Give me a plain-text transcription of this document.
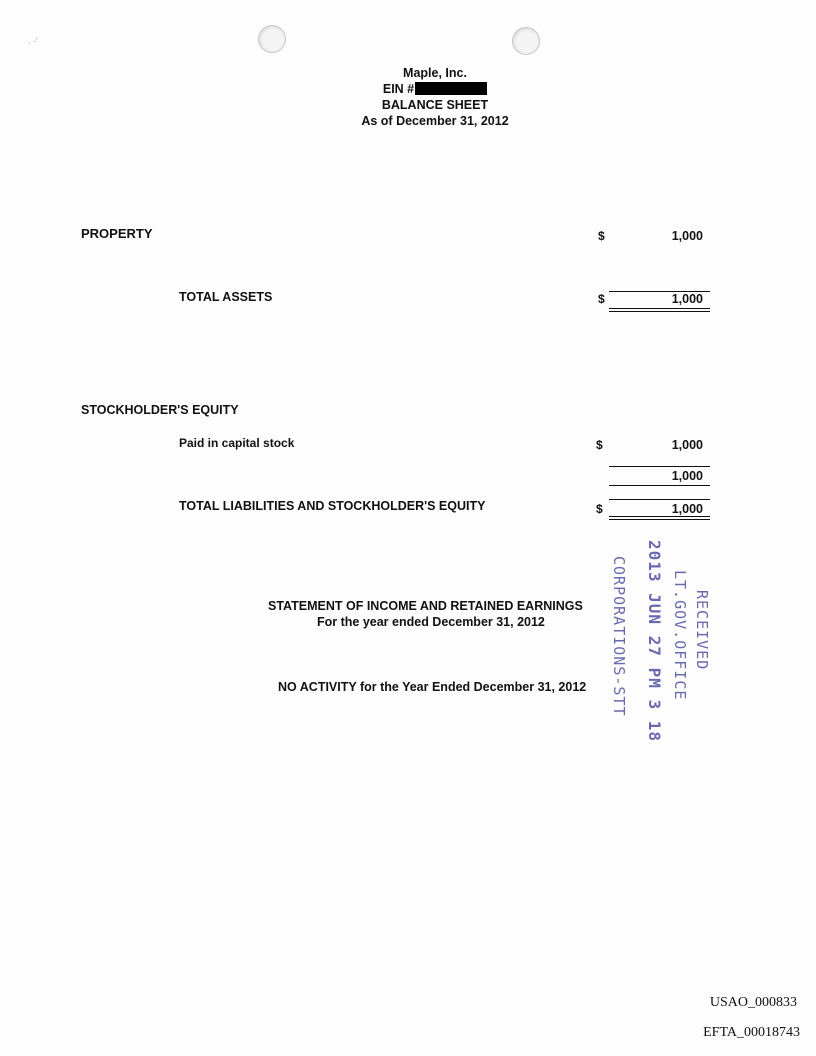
. ·'
Maple, Inc.
EIN #
BALANCE SHEET
As of December 31, 2012
PROPERTY	$	1,000
TOTAL ASSETS	$	1,000
STOCKHOLDER'S EQUITY
Paid in capital stock	$	1,000
1,000
TOTAL LIABILITIES AND STOCKHOLDER'S EQUITY	$	1,000
STATEMENT OF INCOME AND RETAINED EARNINGS
For the year ended December 31, 2012
NO ACTIVITY for the Year Ended December 31, 2012
RECEIVED
LT.GOV.OFFICE
2013 JUN 27 PM 3 18
CORPORATIONS-STT
USAO_000833
EFTA_00018743
